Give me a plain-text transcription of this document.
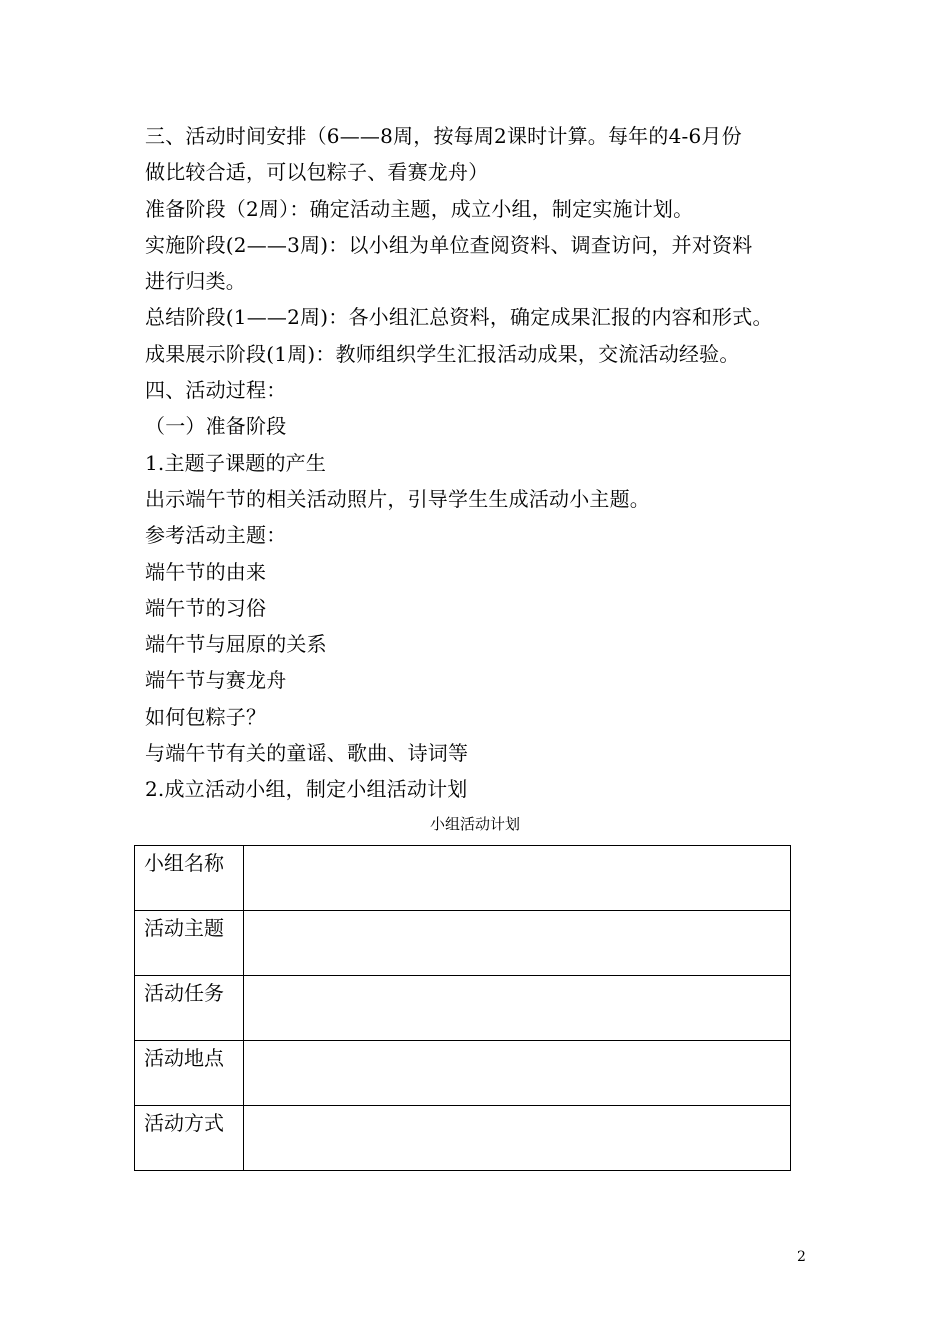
三、活动时间安排（6——8周，按每周2课时计算。每年的4-6月份
做比较合适，可以包粽子、看赛龙舟）
准备阶段（2周）：确定活动主题，成立小组，制定实施计划。
实施阶段(2——3周)：以小组为单位查阅资料、调查访问，并对资料
进行归类。
总结阶段(1——2周)：各小组汇总资料，确定成果汇报的内容和形式。
成果展示阶段(1周)：教师组织学生汇报活动成果，交流活动经验。
四、活动过程：
（一）准备阶段
1.主题子课题的产生
出示端午节的相关活动照片，引导学生生成活动小主题。
参考活动主题：
端午节的由来
端午节的习俗
端午节与屈原的关系
端午节与赛龙舟
如何包粽子？
与端午节有关的童谣、歌曲、诗词等
2.成立活动小组，制定小组活动计划
小组活动计划
小组名称	
活动主题	
活动任务	
活动地点	
活动方式	
2
